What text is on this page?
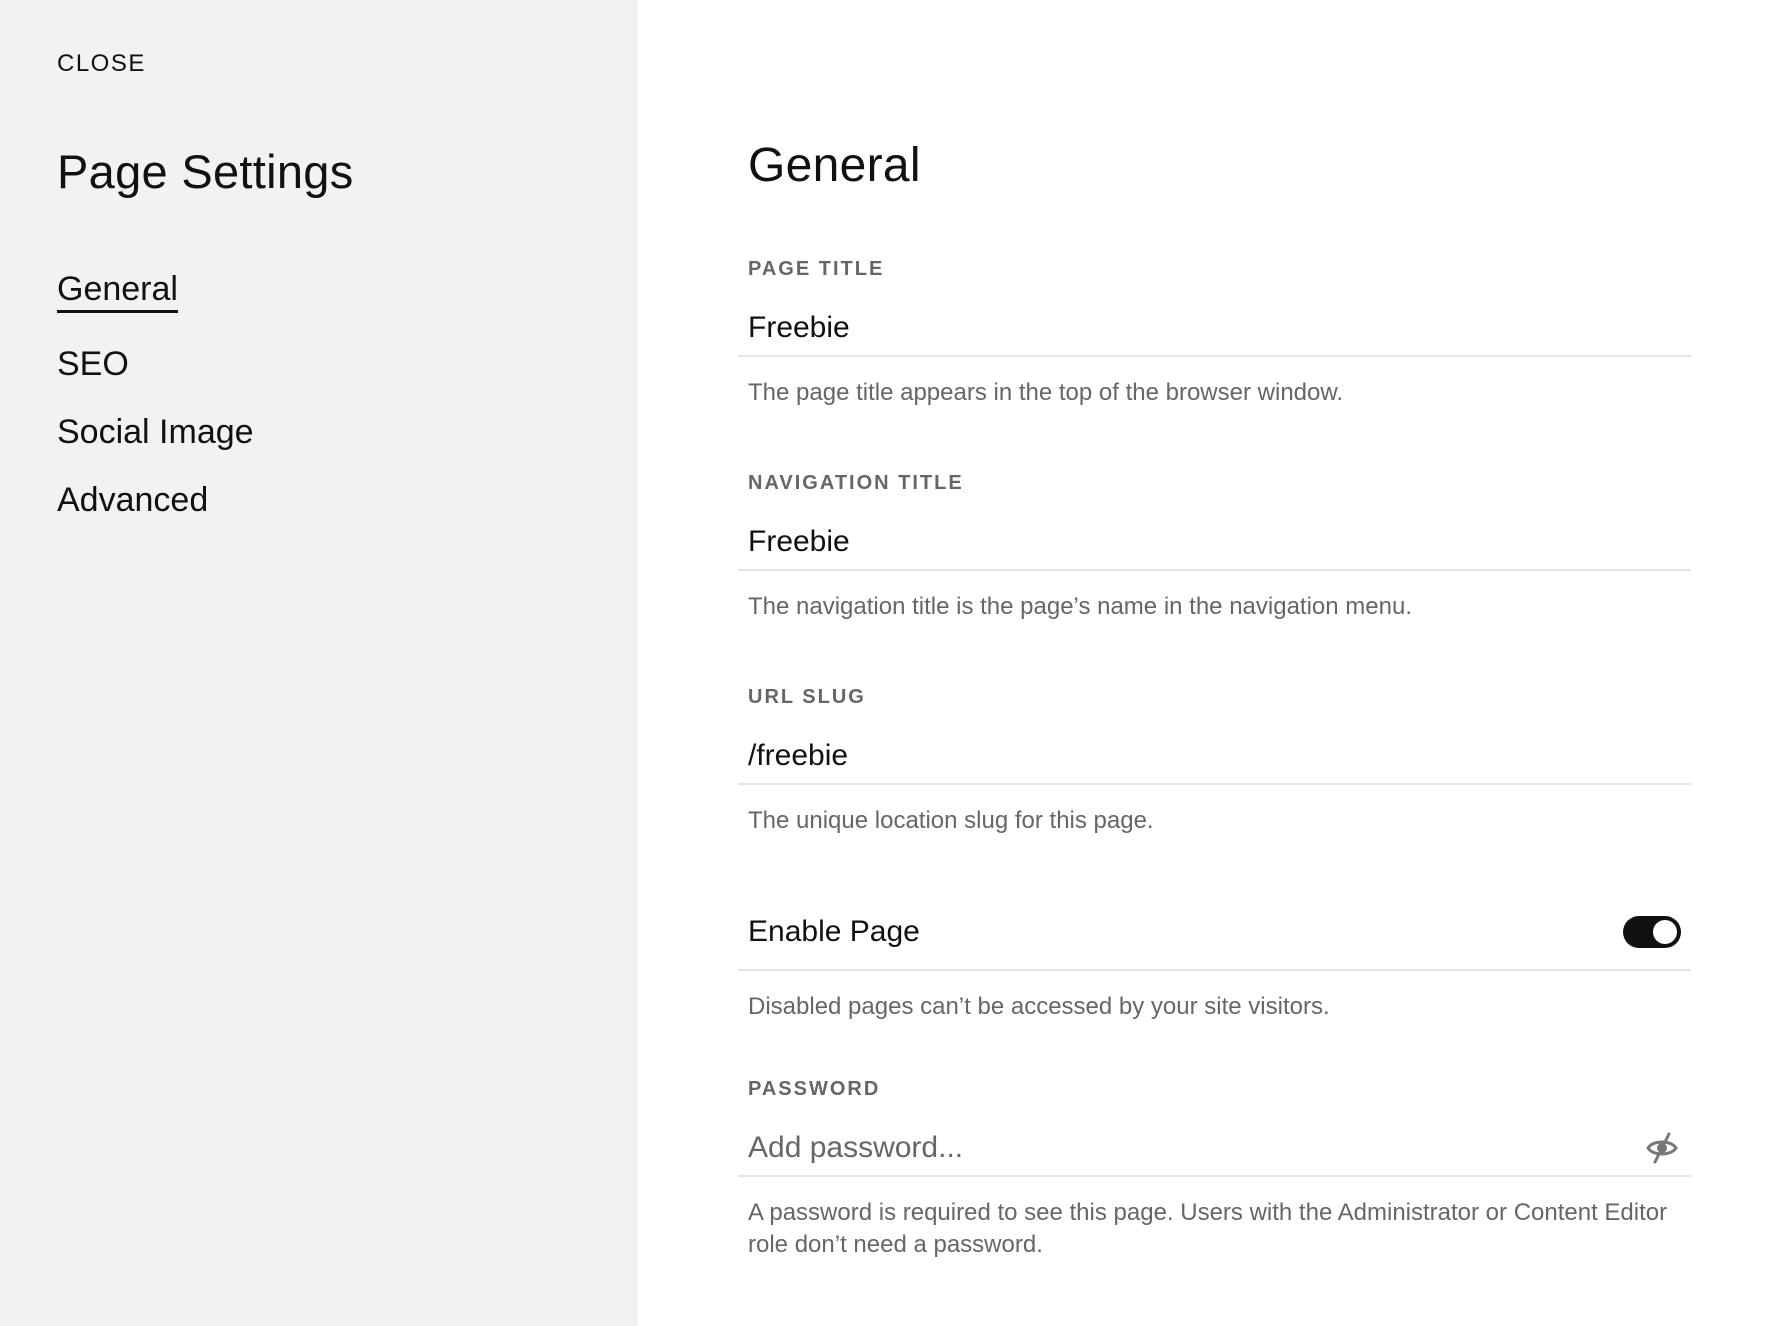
CLOSE
Page Settings
General
SEO
Social Image
Advanced
General
PAGE TITLE
Freebie
The page title appears in the top of the browser window.
NAVIGATION TITLE
Freebie
The navigation title is the page’s name in the navigation menu.
URL SLUG
/freebie
The unique location slug for this page.
Enable Page
Disabled pages can’t be accessed by your site visitors.
PASSWORD
A password is required to see this page. Users with the Administrator or Content Editor role don’t need a password.
